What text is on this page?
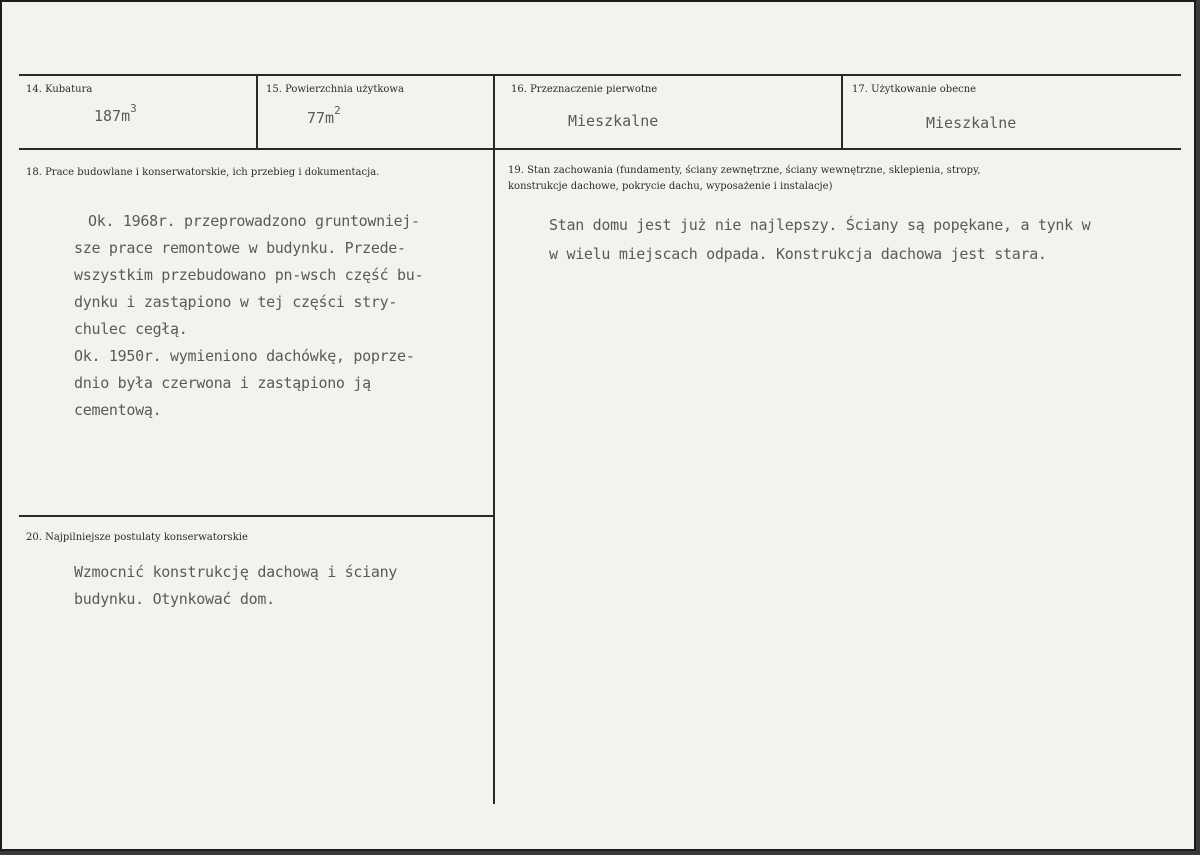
14. Kubatura
$187m^3$
15. Powierzchnia użytkowa
$77m^2$
16. Przeznaczenie pierwotne
Mieszkalne
17. Użytkowanie obecne
Mieszkalne
18. Prace budowlane i konserwatorskie, ich przebieg i dokumentacja.
Ok. 1968r. przeprowadzono gruntowniej-
sze prace remontowe w budynku. Przede-
wszystkim przebudowano pn-wsch część bu-
dynku i zastąpiono w tej części stry-
chulec cegłą.
Ok. 1950r. wymieniono dachówkę, poprze-
dnio była czerwona i zastąpiono ją
cementową.
19. Stan zachowania (fundamenty, ściany zewnętrzne, ściany wewnętrzne, sklepienia, stropy,
konstrukcje dachowe, pokrycie dachu, wyposażenie i instalacje)
Stan domu jest już nie najlepszy. Ściany są popękane, a tynk w
w wielu miejscach odpada. Konstrukcja dachowa jest stara.
20. Najpilniejsze postulaty konserwatorskie
Wzmocnić konstrukcję dachową i ściany
budynku. Otynkować dom.
